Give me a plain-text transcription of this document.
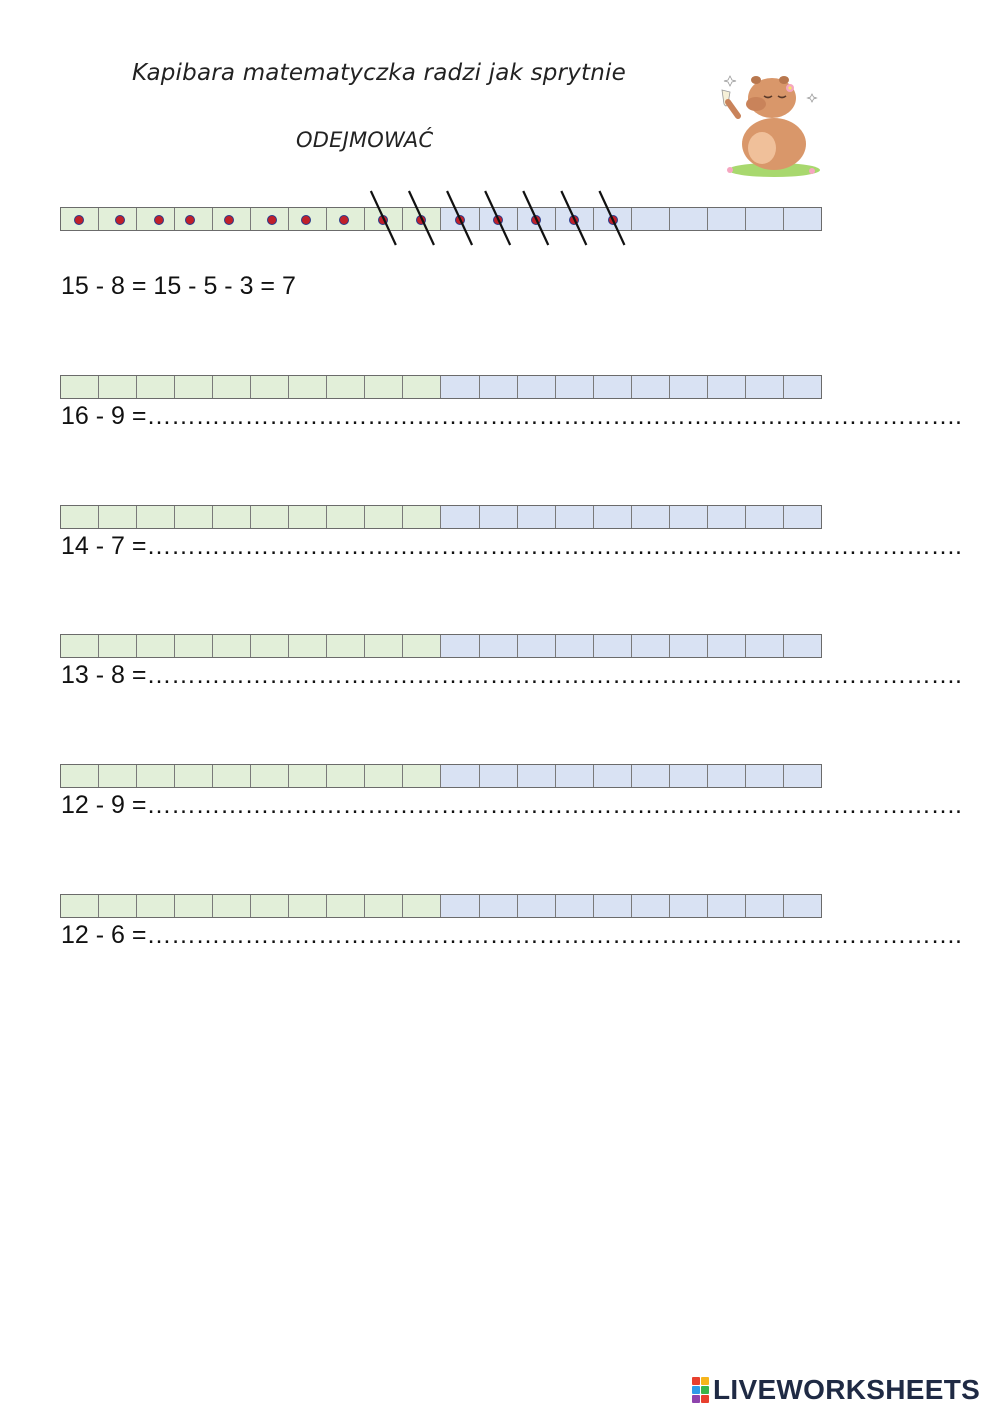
Kapibara matematyczka radzi jak sprytnie
ODEJMOWAĆ
15 - 8 = 15 - 5 - 3 = 7
16 - 9 =……………………………………………………………………………………….
14 - 7 =……………………………………………………………………………………….
13 - 8 =……………………………………………………………………………………….
12 - 9 =……………………………………………………………………………………….
12 - 6 =……………………………………………………………………………………….
LIVEWORKSHEETS
